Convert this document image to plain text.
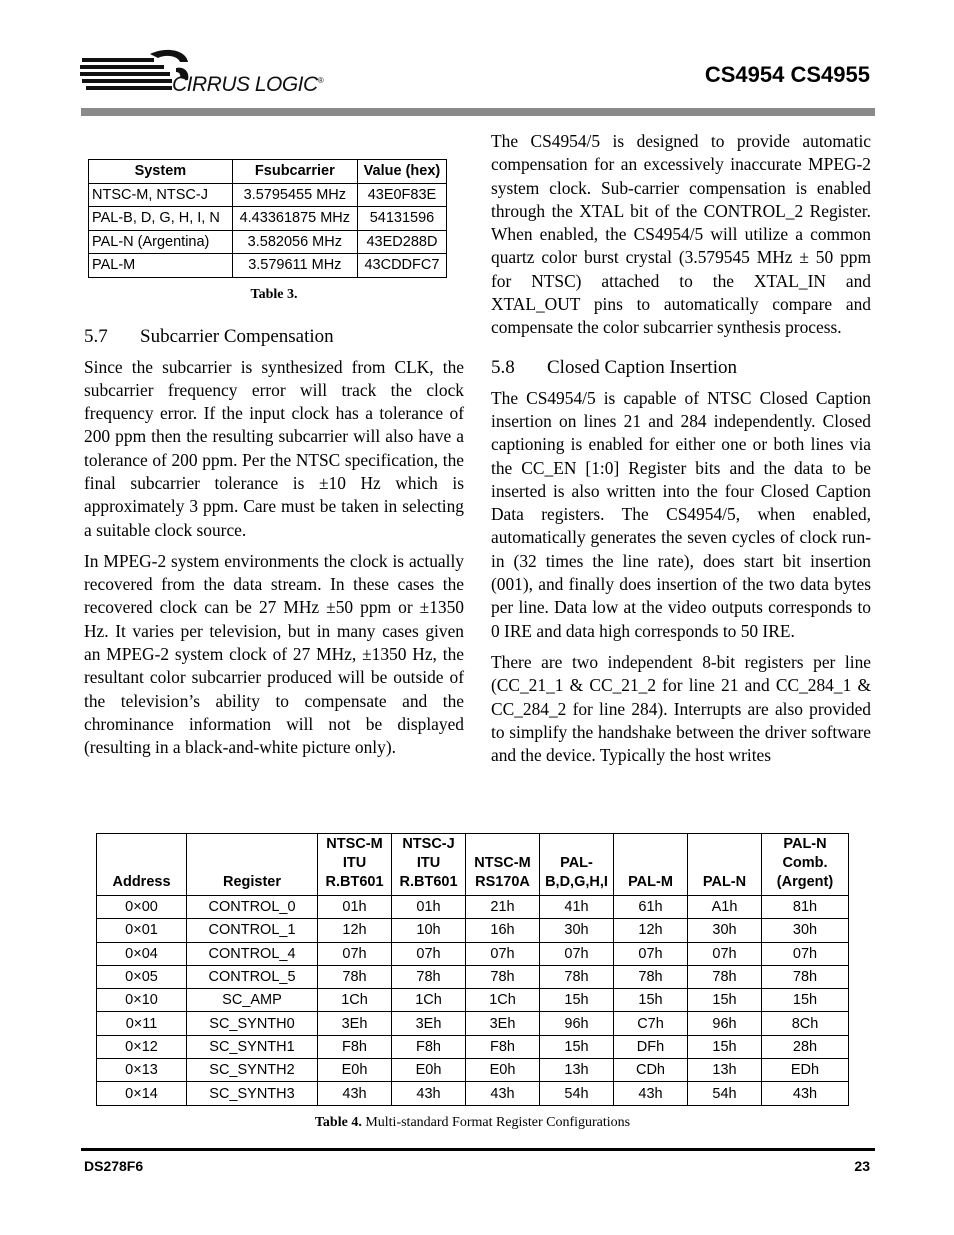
CIRRUS LOGIC®	CS4954 CS4955
System	Fsubcarrier	Value (hex)
NTSC-M, NTSC-J	3.5795455 MHz	43E0F83E
PAL-B, D, G, H, I, N	4.43361875 MHz	54131596
PAL-N (Argentina)	3.582056 MHz	43ED288D
PAL-M	3.579611 MHz	43CDDFC7
Table 3.
5.7 Subcarrier Compensation

Since the subcarrier is synthesized from CLK, the subcarrier frequency error will track the clock frequency error. If the input clock has a tolerance of 200 ppm then the resulting subcarrier will also have a tolerance of 200 ppm. Per the NTSC specification, the final subcarrier tolerance is ±10 Hz which is approximately 3 ppm. Care must be taken in selecting a suitable clock source.

In MPEG-2 system environments the clock is actually recovered from the data stream. In these cases the recovered clock can be 27 MHz ±50 ppm or ±1350 Hz. It varies per television, but in many cases given an MPEG-2 system clock of 27 MHz, ±1350 Hz, the resultant color subcarrier produced will be outside of the television’s ability to compensate and the chrominance information will not be displayed (resulting in a black-and-white picture only).

The CS4954/5 is designed to provide automatic compensation for an excessively inaccurate MPEG-2 system clock. Sub-carrier compensation is enabled through the XTAL bit of the CONTROL_2 Register. When enabled, the CS4954/5 will utilize a common quartz color burst crystal (3.579545 MHz ± 50 ppm for NTSC) attached to the XTAL_IN and XTAL_OUT pins to automatically compare and compensate the color subcarrier synthesis process.

5.8 Closed Caption Insertion

The CS4954/5 is capable of NTSC Closed Caption insertion on lines 21 and 284 independently. Closed captioning is enabled for either one or both lines via the CC_EN [1:0] Register bits and the data to be inserted is also written into the four Closed Caption Data registers. The CS4954/5, when enabled, automatically generates the seven cycles of clock run-in (32 times the line rate), does start bit insertion (001), and finally does insertion of the two data bytes per line. Data low at the video outputs corresponds to 0 IRE and data high corresponds to 50 IRE.

There are two independent 8-bit registers per line (CC_21_1 & CC_21_2 for line 21 and CC_284_1 & CC_284_2 for line 284). Interrupts are also provided to simplify the handshake between the driver software and the device. Typically the host writes

Address	Register	NTSC-M ITU R.BT601	NTSC-J ITU R.BT601	NTSC-M RS170A	PAL- B,D,G,H,I	PAL-M	PAL-N	PAL-N Comb. (Argent)
0×00	CONTROL_0	01h	01h	21h	41h	61h	A1h	81h
0×01	CONTROL_1	12h	10h	16h	30h	12h	30h	30h
0×04	CONTROL_4	07h	07h	07h	07h	07h	07h	07h
0×05	CONTROL_5	78h	78h	78h	78h	78h	78h	78h
0×10	SC_AMP	1Ch	1Ch	1Ch	15h	15h	15h	15h
0×11	SC_SYNTH0	3Eh	3Eh	3Eh	96h	C7h	96h	8Ch
0×12	SC_SYNTH1	F8h	F8h	F8h	15h	DFh	15h	28h
0×13	SC_SYNTH2	E0h	E0h	E0h	13h	CDh	13h	EDh
0×14	SC_SYNTH3	43h	43h	43h	54h	43h	54h	43h
Table 4. Multi-standard Format Register Configurations
DS278F6	23
